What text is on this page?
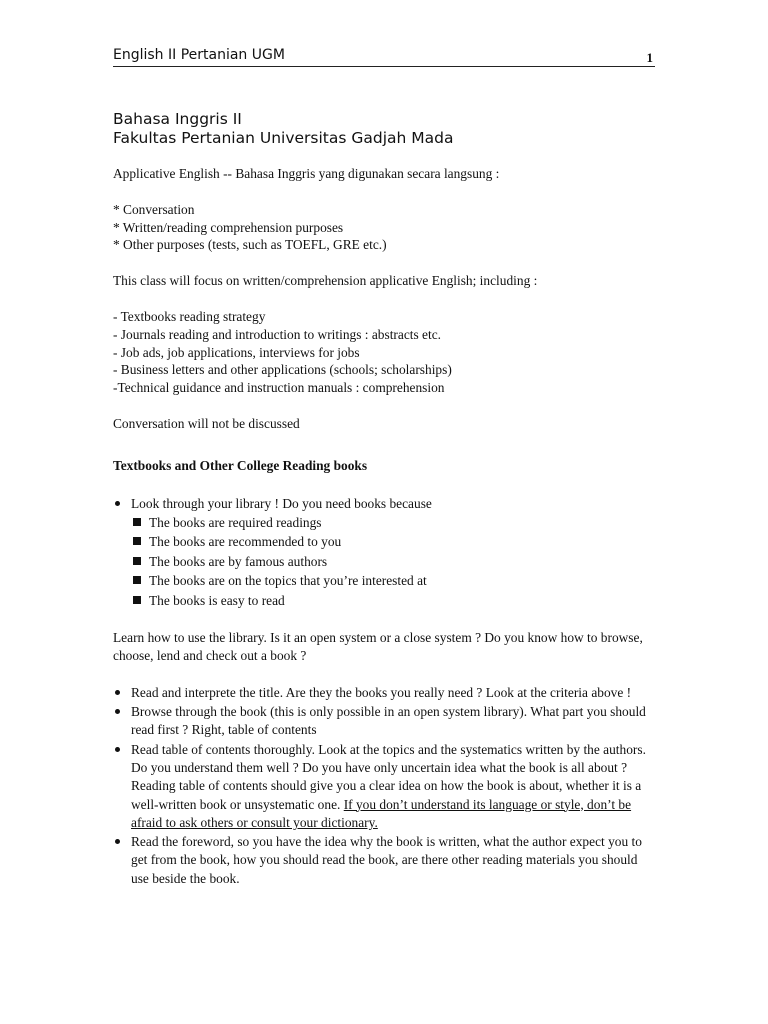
English II Pertanian UGM	1

Bahasa Inggris II

Fakultas Pertanian Universitas Gadjah Mada

Applicative English -- Bahasa Inggris yang digunakan secara langsung :

* Conversation

* Written/reading comprehension purposes

* Other purposes (tests, such as TOEFL, GRE etc.)

This class will focus on written/comprehension applicative English; including :

- Textbooks reading strategy

- Journals reading and introduction to writings : abstracts etc.

- Job ads, job applications, interviews for jobs

- Business letters and other applications (schools; scholarships)

-Technical guidance and instruction manuals : comprehension

Conversation will not be discussed

Textbooks and Other College Reading books

Look through your library ! Do you need books because
The books are required readings
The books are recommended to you
The books are by famous authors
The books are on the topics that you’re interested at
The books is easy to read

Learn how to use the library. Is it an open system or a close system ? Do you know how to browse, choose, lend and check out a book ?

Read and interprete the title. Are they the books you really need ? Look at the criteria above !
Browse through the book (this is only possible in an open system library). What part you should read first ? Right, table of contents
Read table of contents thoroughly. Look at the topics and the systematics written by the authors. Do you understand them well ? Do you have only uncertain idea what the book is all about ? Reading table of contents should give you a clear idea on how the book is about, whether it is a well-written book or unsystematic one. If you don’t understand its language or style, don’t be afraid to ask others or consult your dictionary.
Read the foreword, so you have the idea why the book is written, what the author expect you to get from the book, how you should read the book, are there other reading materials you should use beside the book.
